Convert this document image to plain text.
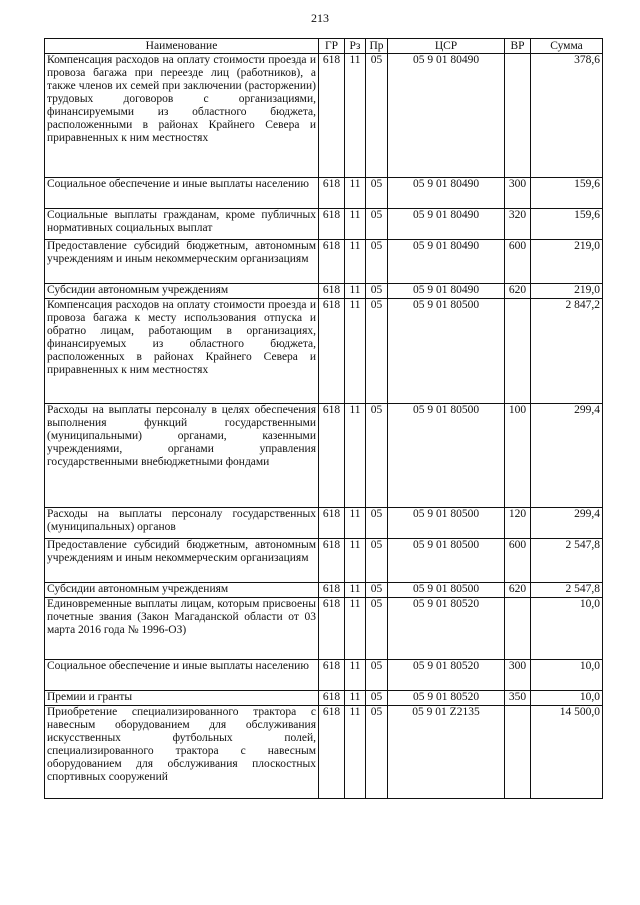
213
Наименование	ГР	Рз	Пр	ЦСР	ВР	Сумма
Компенсация расходов на оплату стоимости проезда и провоза багажа при переезде лиц (работников), а также членов их семей при заключении (расторжении) трудовых договоров с организациями, финансируемыми из областного бюджета, расположенными в районах Крайнего Севера и приравненных к ним местностях	618	11	05	05 9 01 80490		378,6
Социальное обеспечение и иные выплаты населению	618	11	05	05 9 01 80490	300	159,6
Социальные выплаты гражданам, кроме публичных нормативных социальных выплат	618	11	05	05 9 01 80490	320	159,6
Предоставление субсидий бюджетным, автономным учреждениям и иным некоммерческим организациям	618	11	05	05 9 01 80490	600	219,0
Субсидии автономным учреждениям	618	11	05	05 9 01 80490	620	219,0
Компенсация расходов на оплату стоимости проезда и провоза багажа к месту использования отпуска и обратно лицам, работающим в организациях, финансируемых из областного бюджета, расположенных в районах Крайнего Севера и приравненных к ним местностях	618	11	05	05 9 01 80500		2 847,2
Расходы на выплаты персоналу в целях обеспечения выполнения функций государственными (муниципальными) органами, казенными учреждениями, органами управления государственными внебюджетными фондами	618	11	05	05 9 01 80500	100	299,4
Расходы на выплаты персоналу государственных (муниципальных) органов	618	11	05	05 9 01 80500	120	299,4
Предоставление субсидий бюджетным, автономным учреждениям и иным некоммерческим организациям	618	11	05	05 9 01 80500	600	2 547,8
Субсидии автономным учреждениям	618	11	05	05 9 01 80500	620	2 547,8
Единовременные выплаты лицам, которым присвоены почетные звания (Закон Магаданской области от 03 марта 2016 года № 1996-ОЗ)	618	11	05	05 9 01 80520		10,0
Социальное обеспечение и иные выплаты населению	618	11	05	05 9 01 80520	300	10,0
Премии и гранты	618	11	05	05 9 01 80520	350	10,0
Приобретение специализированного трактора с навесным оборудованием для обслуживания искусственных футбольных полей, специализированного трактора с навесным оборудованием для обслуживания плоскостных спортивных сооружений	618	11	05	05 9 01 Z2135		14 500,0
